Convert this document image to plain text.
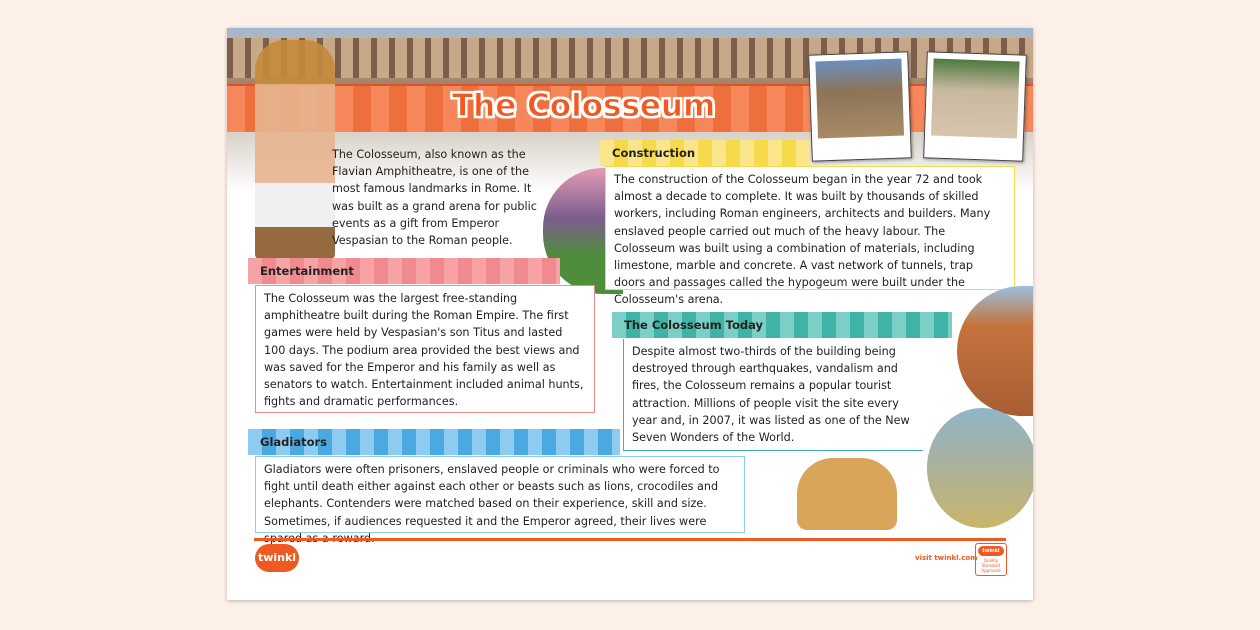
The Colosseum
The Colosseum, also known as the Flavian Amphitheatre, is one of the most famous landmarks in Rome. It was built as a grand arena for public events as a gift from Emperor Vespasian to the Roman people.
Entertainment
The Colosseum was the largest free-standing amphitheatre built during the Roman Empire. The first games were held by Vespasian's son Titus and lasted 100 days. The podium area provided the best views and was saved for the Emperor and his family as well as senators to watch. Entertainment included animal hunts, fights and dramatic performances.
Construction
The construction of the Colosseum began in the year 72 and took almost a decade to complete. It was built by thousands of skilled workers, including Roman engineers, architects and builders. Many enslaved people carried out much of the heavy labour. The Colosseum was built using a combination of materials, including limestone, marble and concrete. A vast network of tunnels, trap doors and passages called the hypogeum were built under the Colosseum's arena.
The Colosseum Today
Despite almost two-thirds of the building being destroyed through earthquakes, vandalism and fires, the Colosseum remains a popular tourist attraction. Millions of people visit the site every year and, in 2007, it was listed as one of the New Seven Wonders of the World.
Gladiators
Gladiators were often prisoners, enslaved people or criminals who were forced to fight until death either against each other or beasts such as lions, crocodiles and elephants. Contenders were matched based on their experience, skill and size. Sometimes, if audiences requested it and the Emperor agreed, their lives were
twinkl	visit twinkl.com
twinkl
Quality Standard Approved
